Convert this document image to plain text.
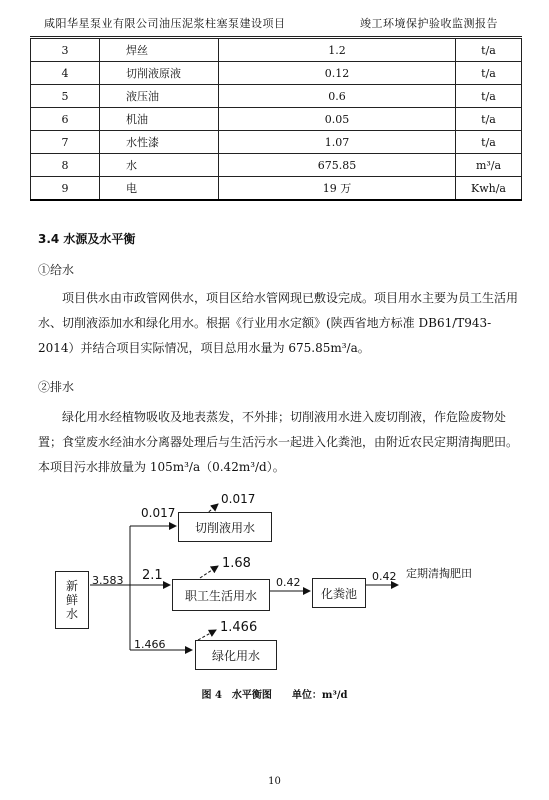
咸阳华星泵业有限公司油压泥浆柱塞泵建设项目	竣工环境保护验收监测报告
3	焊丝	1.2	t/a
4	切削液原液	0.12	t/a
5	液压油	0.6	t/a
6	机油	0.05	t/a
7	水性漆	1.07	t/a
8	水	675.85	m³/a
9	电	19 万	Kwh/a
3.4 水源及水平衡
①给水
项目供水由市政管网供水，项目区给水管网现已敷设完成。项目用水主要为员工生活用水、切削液添加水和绿化用水。根据《行业用水定额》(陕西省地方标准 DB61/T943-2014）并结合项目实际情况，项目总用水量为 675.85m³/a。
②排水
绿化用水经植物吸收及地表蒸发，不外排；切削液用水进入废切削液，作危险废物处置；食堂废水经油水分离器处理后与生活污水一起进入化粪池，由附近农民定期清掏肥田。本项目污水排放量为 105m³/a（0.42m³/d）。
新鲜水
3.583
切削液用水
0.017
0.017
职工生活用水
2.1
1.68
0.42
化粪池
0.42 定期清掏肥田
绿化用水
1.466
1.466
图 4　水平衡图　　单位：m³/d
10
